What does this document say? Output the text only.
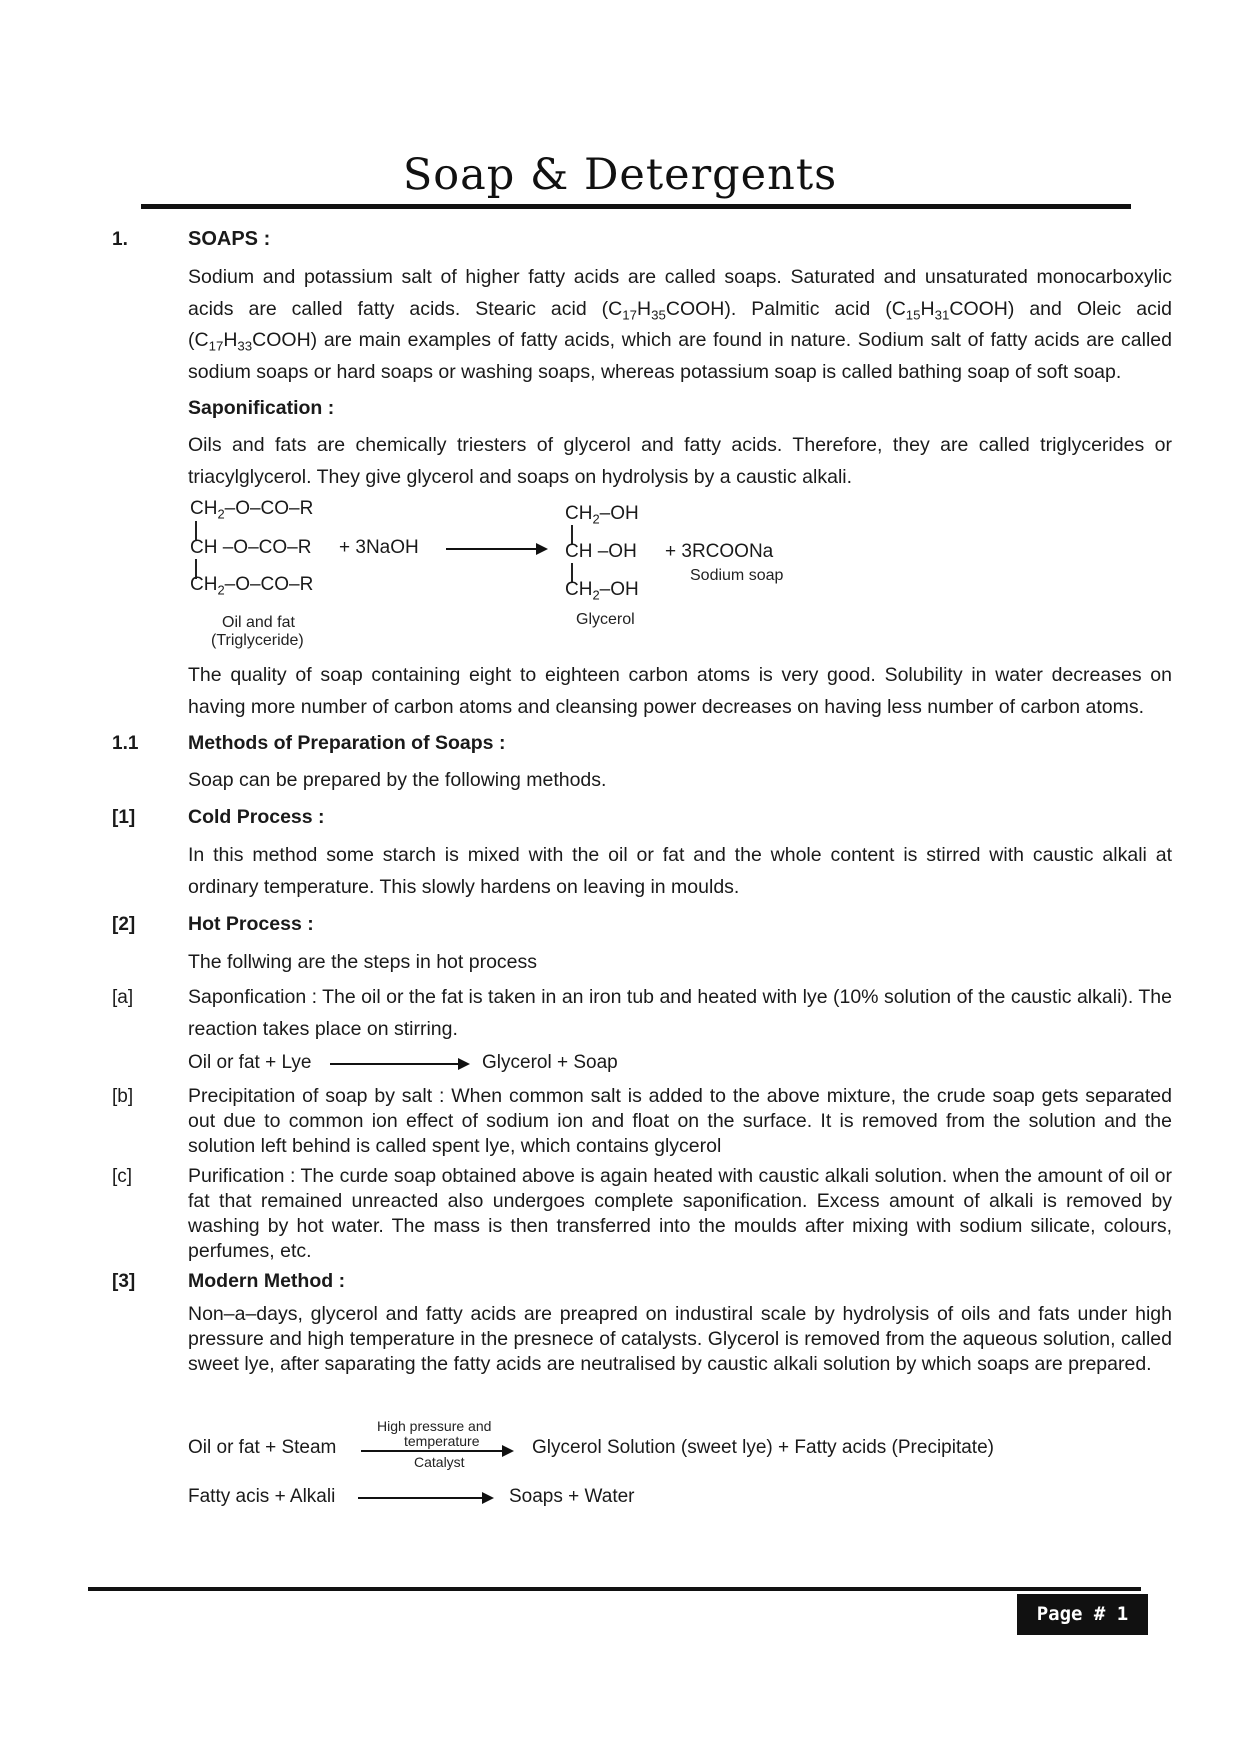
Soap & Detergents
1.	SOAPS :

Sodium and potassium salt of higher fatty acids are called soaps. Saturated and unsaturated monocarboxylic acids are called fatty acids. Stearic acid $(C_{17}H_{35}COOH)$. Palmitic acid $(C_{15}H_{31}COOH)$ and Oleic acid $(C_{17}H_{33}COOH)$ are main examples of fatty acids, which are found in nature. Sodium salt of fatty acids are called sodium soaps or hard soaps or washing soaps, whereas potassium soap is called bathing soap of soft soap.

Saponification :

Oils and fats are chemically triesters of glycerol and fatty acids. Therefore, they are called triglycerides or triacylglycerol. They give glycerol and soaps on hydrolysis by a caustic alkali.

$CH_2-O-CO-R$
CH –O–CO–R
$CH_2-O-CO-R$
+ 3NaOH
$CH_2-OH$
CH –OH
$CH_2-OH$
+ 3RCOONa
Sodium soap
Oil and fat
(Triglyceride)
Glycerol

The quality of soap containing eight to eighteen carbon atoms is very good. Solubility in water decreases on having more number of carbon atoms and cleansing power decreases on having less number of carbon atoms.

1.1	Methods of Preparation of Soaps :

Soap can be prepared by the following methods.

[1]	Cold Process :

In this method some starch is mixed with the oil or fat and the whole content is stirred with caustic alkali at ordinary temperature. This slowly hardens on leaving in moulds.

[2]	Hot Process :

The follwing are the steps in hot process

[a]	Saponfication : The oil or the fat is taken in an iron tub and heated with lye (10% solution of the caustic alkali). The reaction takes place on stirring.

Oil or fat + Lye	Glycerol + Soap
[b]	Precipitation of soap by salt : When common salt is added to the above mixture, the crude soap gets separated out due to common ion effect of sodium ion and float on the surface. It is removed from the solution and the solution left behind is called spent lye, which contains glycerol

[c]	Purification : The curde soap obtained above is again heated with caustic alkali solution. when the amount of oil or fat that remained unreacted also undergoes complete saponification. Excess amount of alkali is removed by washing by hot water. The mass is then transferred into the moulds after mixing with sodium silicate, colours, perfumes, etc.

[3]	Modern Method :

Non–a–days, glycerol and fatty acids are preapred on industiral scale by hydrolysis of oils and fats under high pressure and high temperature in the presnece of catalysts. Glycerol is removed from the aqueous solution, called sweet lye, after saparating the fatty acids are neutralised by caustic alkali solution by which soaps are prepared.

Oil or fat + Steam
High pressure and
temperature
Catalyst
Glycerol Solution (sweet lye) + Fatty acids (Precipitate)
Fatty acis + Alkali	Soaps + Water
Page # 1
